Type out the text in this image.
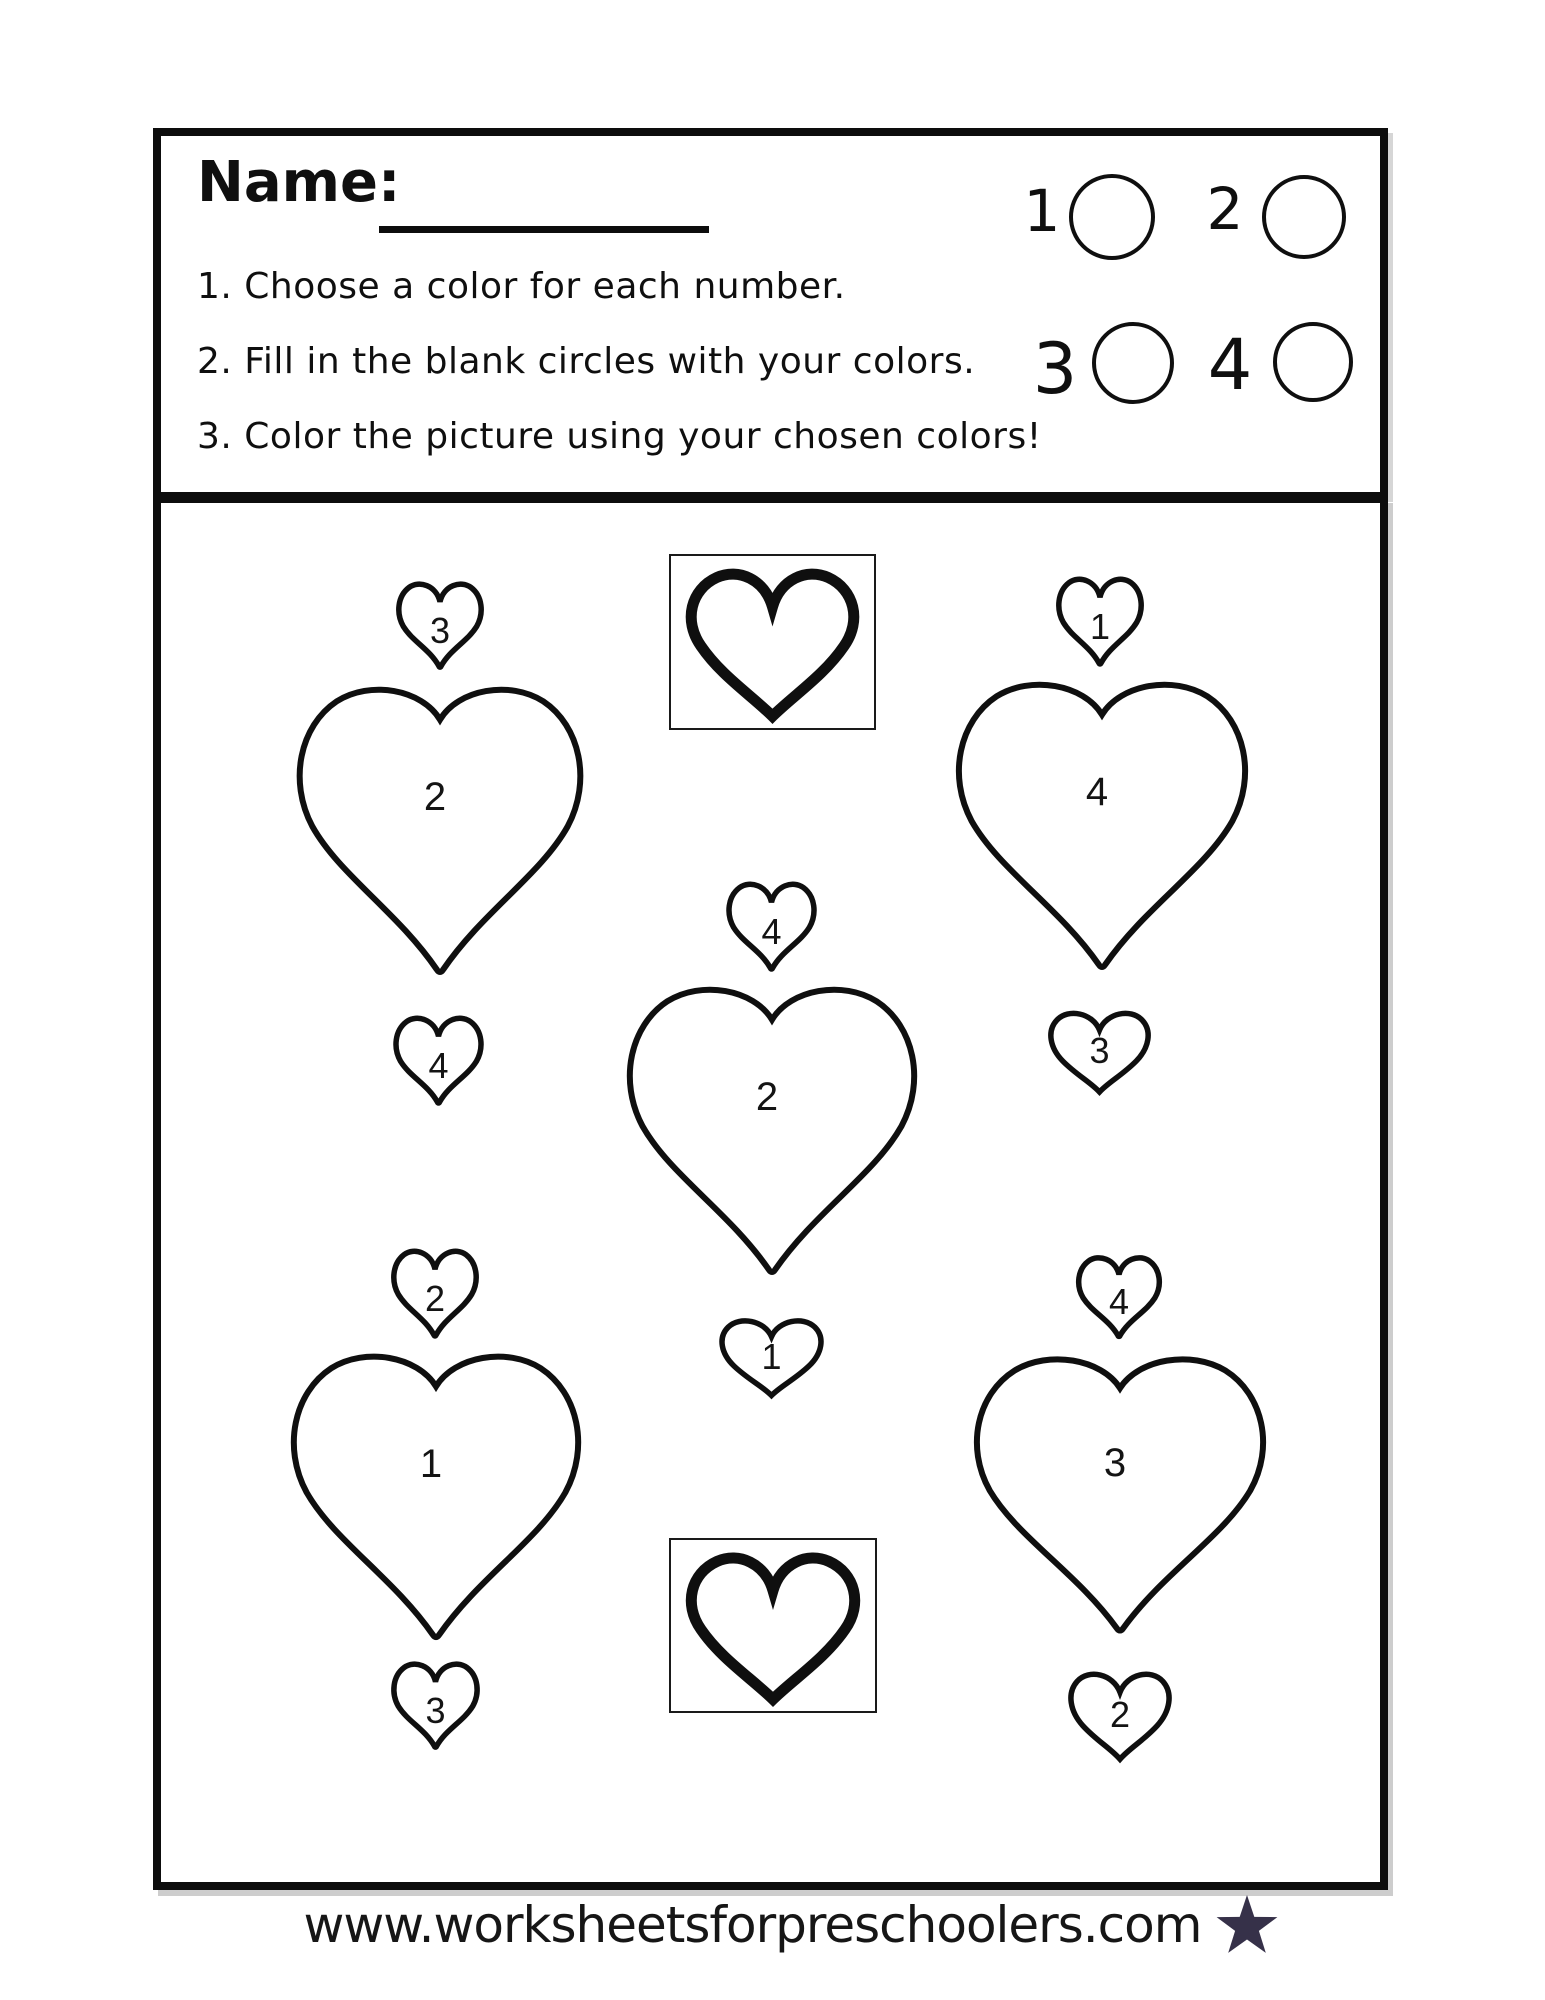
Name:
1. Choose a color for each number.
2. Fill in the blank circles with your colors.
3. Color the picture using your chosen colors!
1	2
3 4
www.worksheetsforpreschoolers.com
3
2
4
1
4
3
4
2
1
2
1
3
4
3
2
